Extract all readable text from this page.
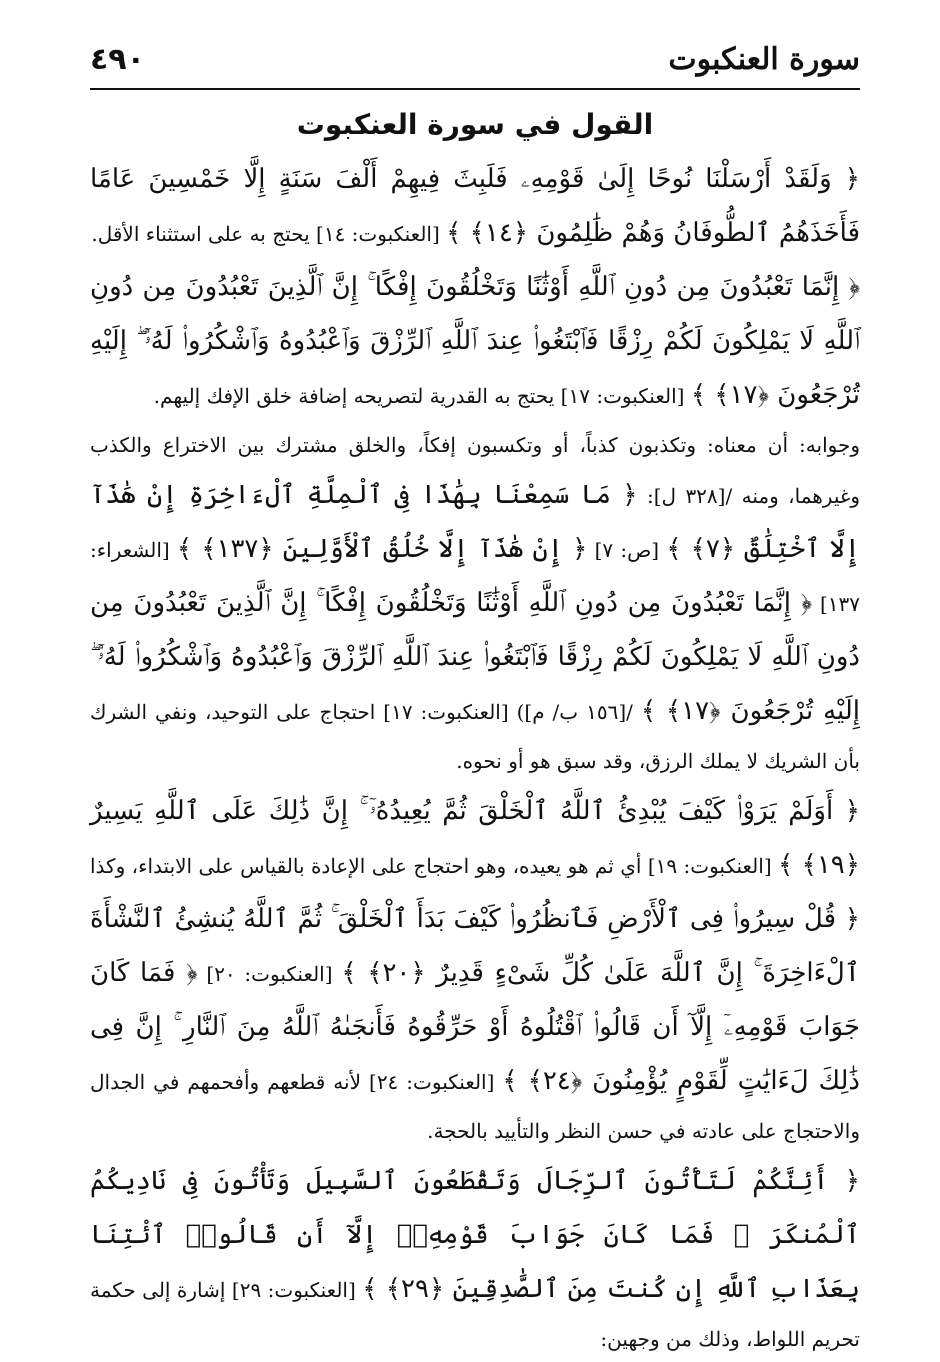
سورة العنكبوت
٤٩٠
القول في سورة العنكبوت

﴿ وَلَقَدْ أَرْسَلْنَا نُوحًا إِلَىٰ قَوْمِهِۦ فَلَبِثَ فِيهِمْ أَلْفَ سَنَةٍ إِلَّا خَمْسِينَ عَامًا فَأَخَذَهُمُ ٱلطُّوفَانُ وَهُمْ ظَٰلِمُونَ ﴿١٤﴾ ﴾ [العنكبوت: ١٤] يحتج به على استثناء الأقل.

﴿ إِنَّمَا تَعْبُدُونَ مِن دُونِ ٱللَّهِ أَوْثَٰنًا وَتَخْلُقُونَ إِفْكًا ۚ إِنَّ ٱلَّذِينَ تَعْبُدُونَ مِن دُونِ ٱللَّهِ لَا يَمْلِكُونَ لَكُمْ رِزْقًا فَٱبْتَغُوا۟ عِندَ ٱللَّهِ ٱلرِّزْقَ وَٱعْبُدُوهُ وَٱشْكُرُوا۟ لَهُۥٓ ۖ إِلَيْهِ تُرْجَعُونَ ﴿١٧﴾ ﴾ [العنكبوت: ١٧] يحتج به القدرية لتصريحه إضافة خلق الإفك إليهم.

وجوابه: أن معناه: وتكذبون كذباً، أو وتكسبون إفكاً، والخلق مشترك بين الاختراع والكذب وغيرهما، ومنه /[٣٢٨ ل]: ﴿ مَا سَمِعْنَا بِهَٰذَا فِى ٱلْمِلَّةِ ٱلْءَاخِرَةِ إِنْ هَٰذَآ إِلَّا ٱخْتِلَٰقٌ ﴿٧﴾ ﴾ [ص: ٧] ﴿ إِنْ هَٰذَآ إِلَّا خُلُقُ ٱلْأَوَّلِينَ ﴿١٣٧﴾ ﴾ [الشعراء: ١٣٧] ﴿ إِنَّمَا تَعْبُدُونَ مِن دُونِ ٱللَّهِ أَوْثَٰنًا وَتَخْلُقُونَ إِفْكًا ۚ إِنَّ ٱلَّذِينَ تَعْبُدُونَ مِن دُونِ ٱللَّهِ لَا يَمْلِكُونَ لَكُمْ رِزْقًا فَٱبْتَغُوا۟ عِندَ ٱللَّهِ ٱلرِّزْقَ وَٱعْبُدُوهُ وَٱشْكُرُوا۟ لَهُۥٓ ۖ إِلَيْهِ تُرْجَعُونَ ﴿١٧﴾ ﴾ /[١٥٦ ب/ م]) [العنكبوت: ١٧] احتجاج على التوحيد، ونفي الشرك بأن الشريك لا يملك الرزق، وقد سبق هو أو نحوه.

﴿ أَوَلَمْ يَرَوْا۟ كَيْفَ يُبْدِئُ ٱللَّهُ ٱلْخَلْقَ ثُمَّ يُعِيدُهُۥٓ ۚ إِنَّ ذَٰلِكَ عَلَى ٱللَّهِ يَسِيرٌ ﴿١٩﴾ ﴾ [العنكبوت: ١٩] أي ثم هو يعيده، وهو احتجاج على الإعادة بالقياس على الابتداء، وكذا ﴿ قُلْ سِيرُوا۟ فِى ٱلْأَرْضِ فَٱنظُرُوا۟ كَيْفَ بَدَأَ ٱلْخَلْقَ ۚ ثُمَّ ٱللَّهُ يُنشِئُ ٱلنَّشْأَةَ ٱلْءَاخِرَةَ ۚ إِنَّ ٱللَّهَ عَلَىٰ كُلِّ شَىْءٍ قَدِيرٌ ﴿٢٠﴾ ﴾ [العنكبوت: ٢٠] ﴿ فَمَا كَانَ جَوَابَ قَوْمِهِۦٓ إِلَّآ أَن قَالُوا۟ ٱقْتُلُوهُ أَوْ حَرِّقُوهُ فَأَنجَىٰهُ ٱللَّهُ مِنَ ٱلنَّارِ ۚ إِنَّ فِى ذَٰلِكَ لَءَايَٰتٍ لِّقَوْمٍ يُؤْمِنُونَ ﴿٢٤﴾ ﴾ [العنكبوت: ٢٤] لأنه قطعهم وأفحمهم في الجدال والاحتجاج على عادته في حسن النظر والتأييد بالحجة.

﴿ أَئِنَّكُمْ لَتَأْتُونَ ٱلرِّجَالَ وَتَقْطَعُونَ ٱلسَّبِيلَ وَتَأْتُونَ فِى نَادِيكُمُ ٱلْمُنكَرَ ۖ فَمَا كَانَ جَوَابَ قَوْمِهِۦٓ إِلَّآ أَن قَالُوا۟ ٱئْتِنَا بِعَذَابِ ٱللَّهِ إِن كُنتَ مِنَ ٱلصَّٰدِقِينَ ﴿٢٩﴾ ﴾ [العنكبوت: ٢٩] إشارة إلى حكمة تحريم اللواط، وذلك من وجهين:
